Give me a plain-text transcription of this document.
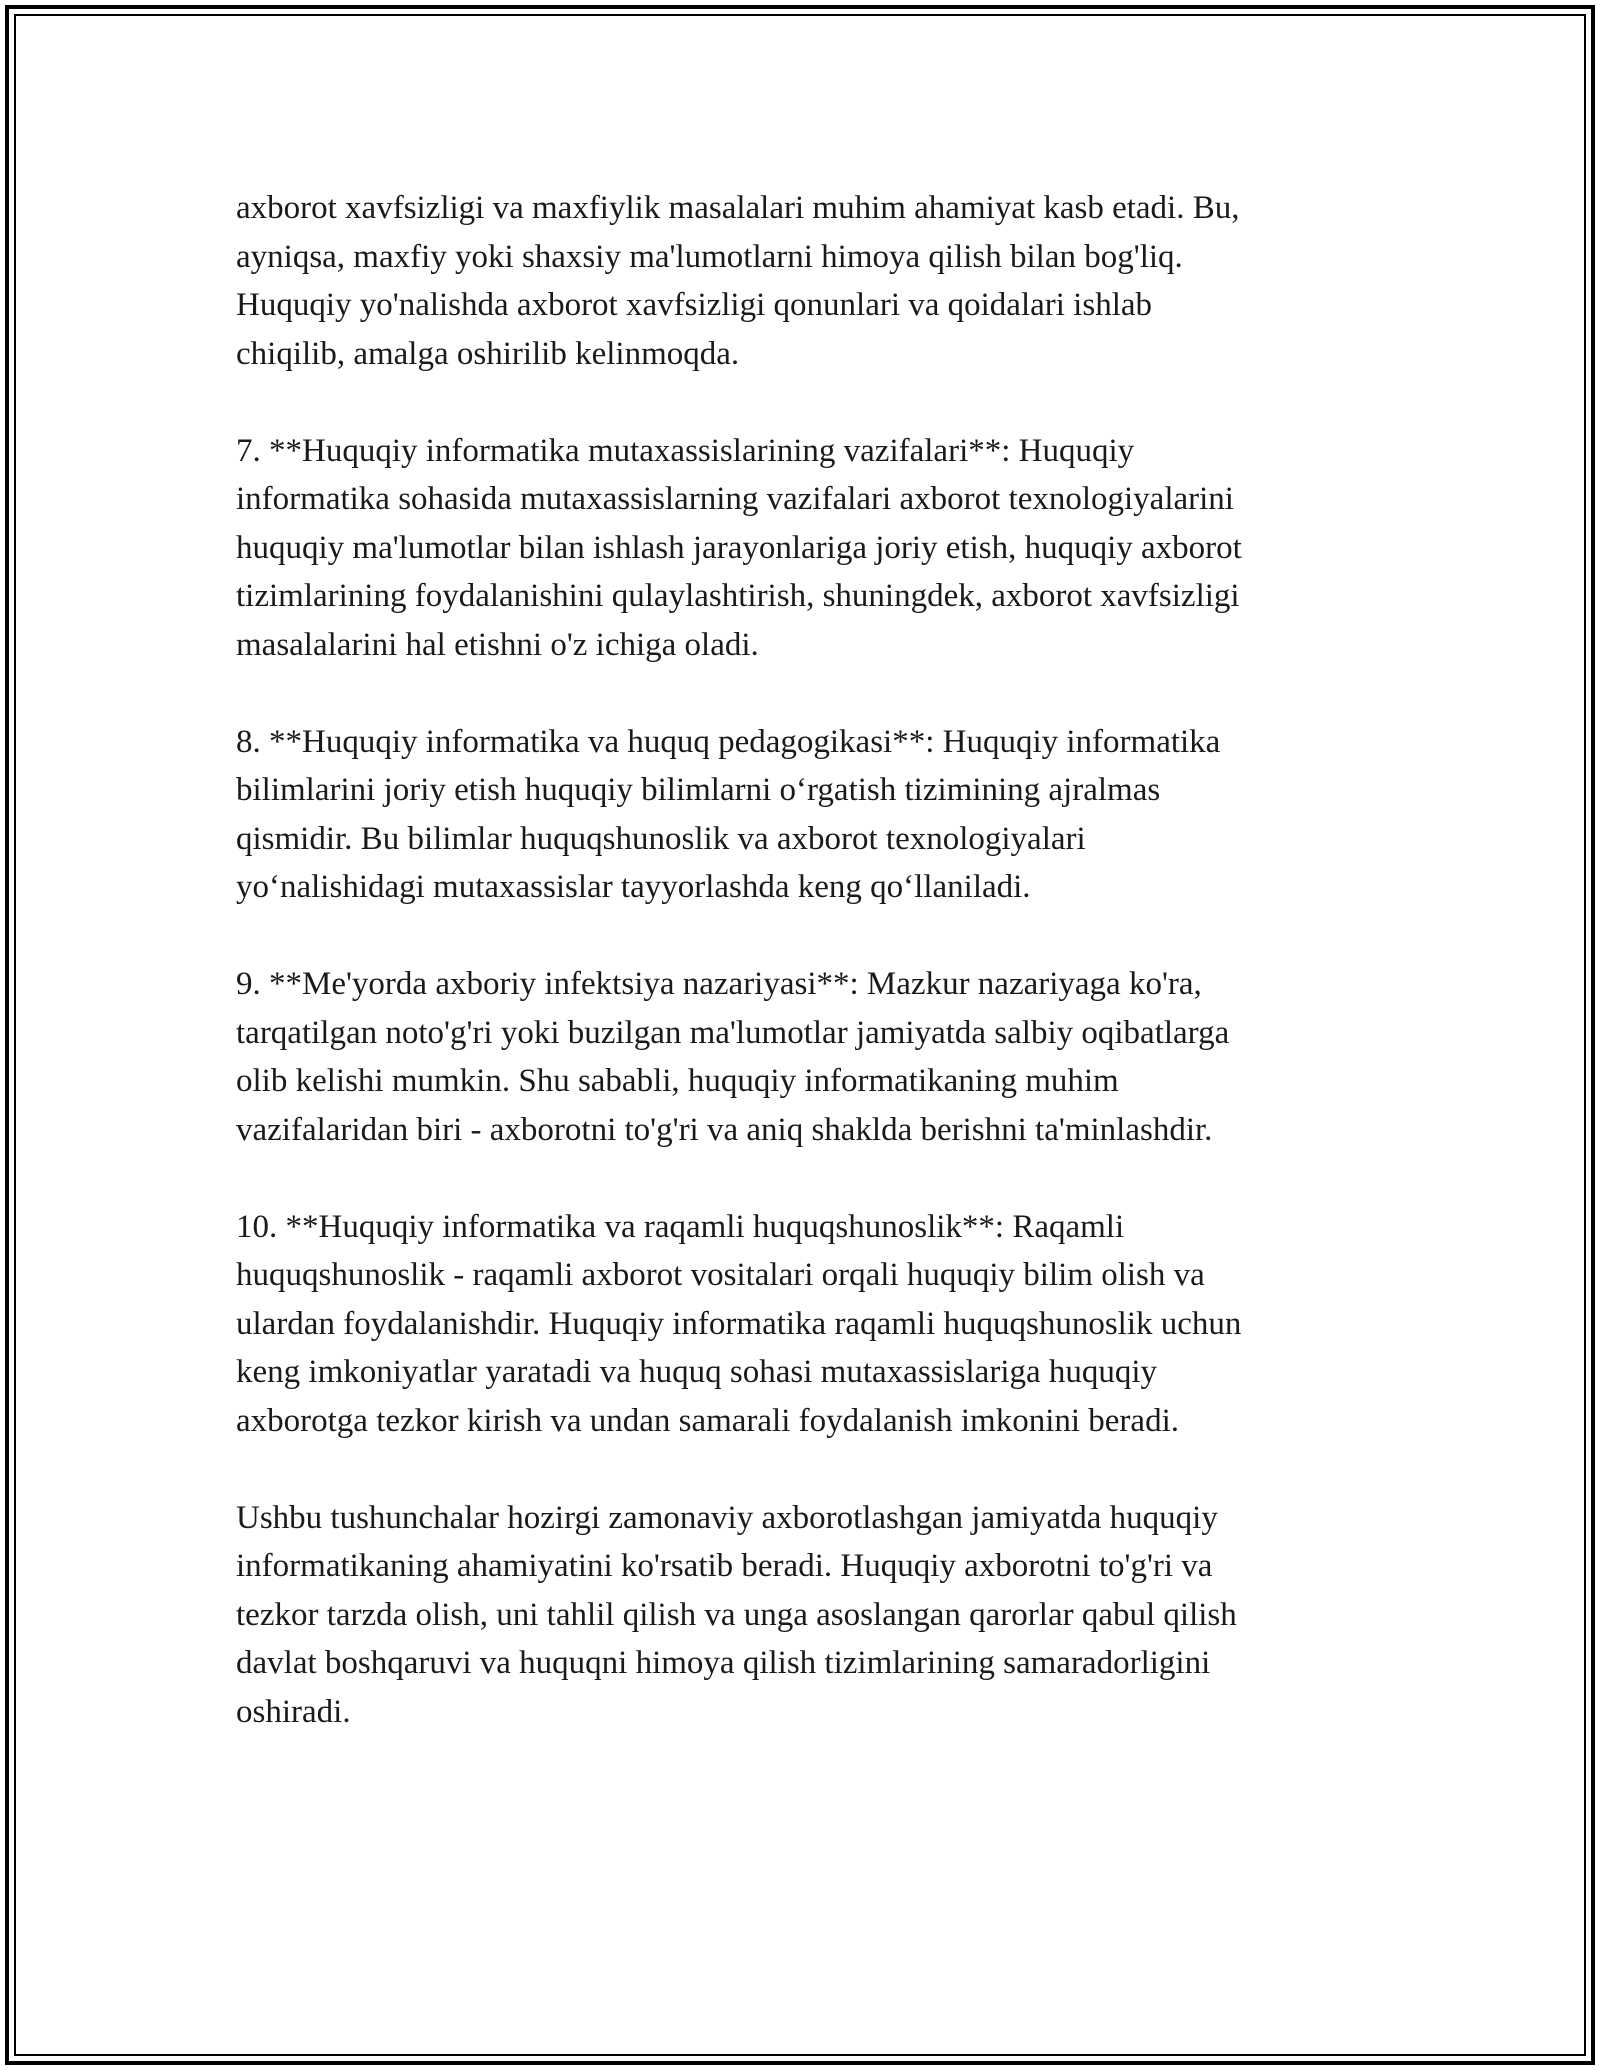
axborot xavfsizligi va maxfiylik masalalari muhim ahamiyat kasb etadi. Bu,
ayniqsa, maxfiy yoki shaxsiy ma'lumotlarni himoya qilish bilan bog'liq.
Huquqiy yo'nalishda axborot xavfsizligi qonunlari va qoidalari ishlab
chiqilib, amalga oshirilib kelinmoqda.

7. **Huquqiy informatika mutaxassislarining vazifalari**: Huquqiy
informatika sohasida mutaxassislarning vazifalari axborot texnologiyalarini
huquqiy ma'lumotlar bilan ishlash jarayonlariga joriy etish, huquqiy axborot
tizimlarining foydalanishini qulaylashtirish, shuningdek, axborot xavfsizligi
masalalarini hal etishni o'z ichiga oladi.

8. **Huquqiy informatika va huquq pedagogikasi**: Huquqiy informatika
bilimlarini joriy etish huquqiy bilimlarni o‘rgatish tizimining ajralmas
qismidir. Bu bilimlar huquqshunoslik va axborot texnologiyalari
yo‘nalishidagi mutaxassislar tayyorlashda keng qo‘llaniladi.

9. **Me'yorda axboriy infektsiya nazariyasi**: Mazkur nazariyaga ko'ra,
tarqatilgan noto'g'ri yoki buzilgan ma'lumotlar jamiyatda salbiy oqibatlarga
olib kelishi mumkin. Shu sababli, huquqiy informatikaning muhim
vazifalaridan biri - axborotni to'g'ri va aniq shaklda berishni ta'minlashdir.

10. **Huquqiy informatika va raqamli huquqshunoslik**: Raqamli
huquqshunoslik - raqamli axborot vositalari orqali huquqiy bilim olish va
ulardan foydalanishdir. Huquqiy informatika raqamli huquqshunoslik uchun
keng imkoniyatlar yaratadi va huquq sohasi mutaxassislariga huquqiy
axborotga tezkor kirish va undan samarali foydalanish imkonini beradi.

Ushbu tushunchalar hozirgi zamonaviy axborotlashgan jamiyatda huquqiy
informatikaning ahamiyatini ko'rsatib beradi. Huquqiy axborotni to'g'ri va
tezkor tarzda olish, uni tahlil qilish va unga asoslangan qarorlar qabul qilish
davlat boshqaruvi va huquqni himoya qilish tizimlarining samaradorligini
oshiradi.
